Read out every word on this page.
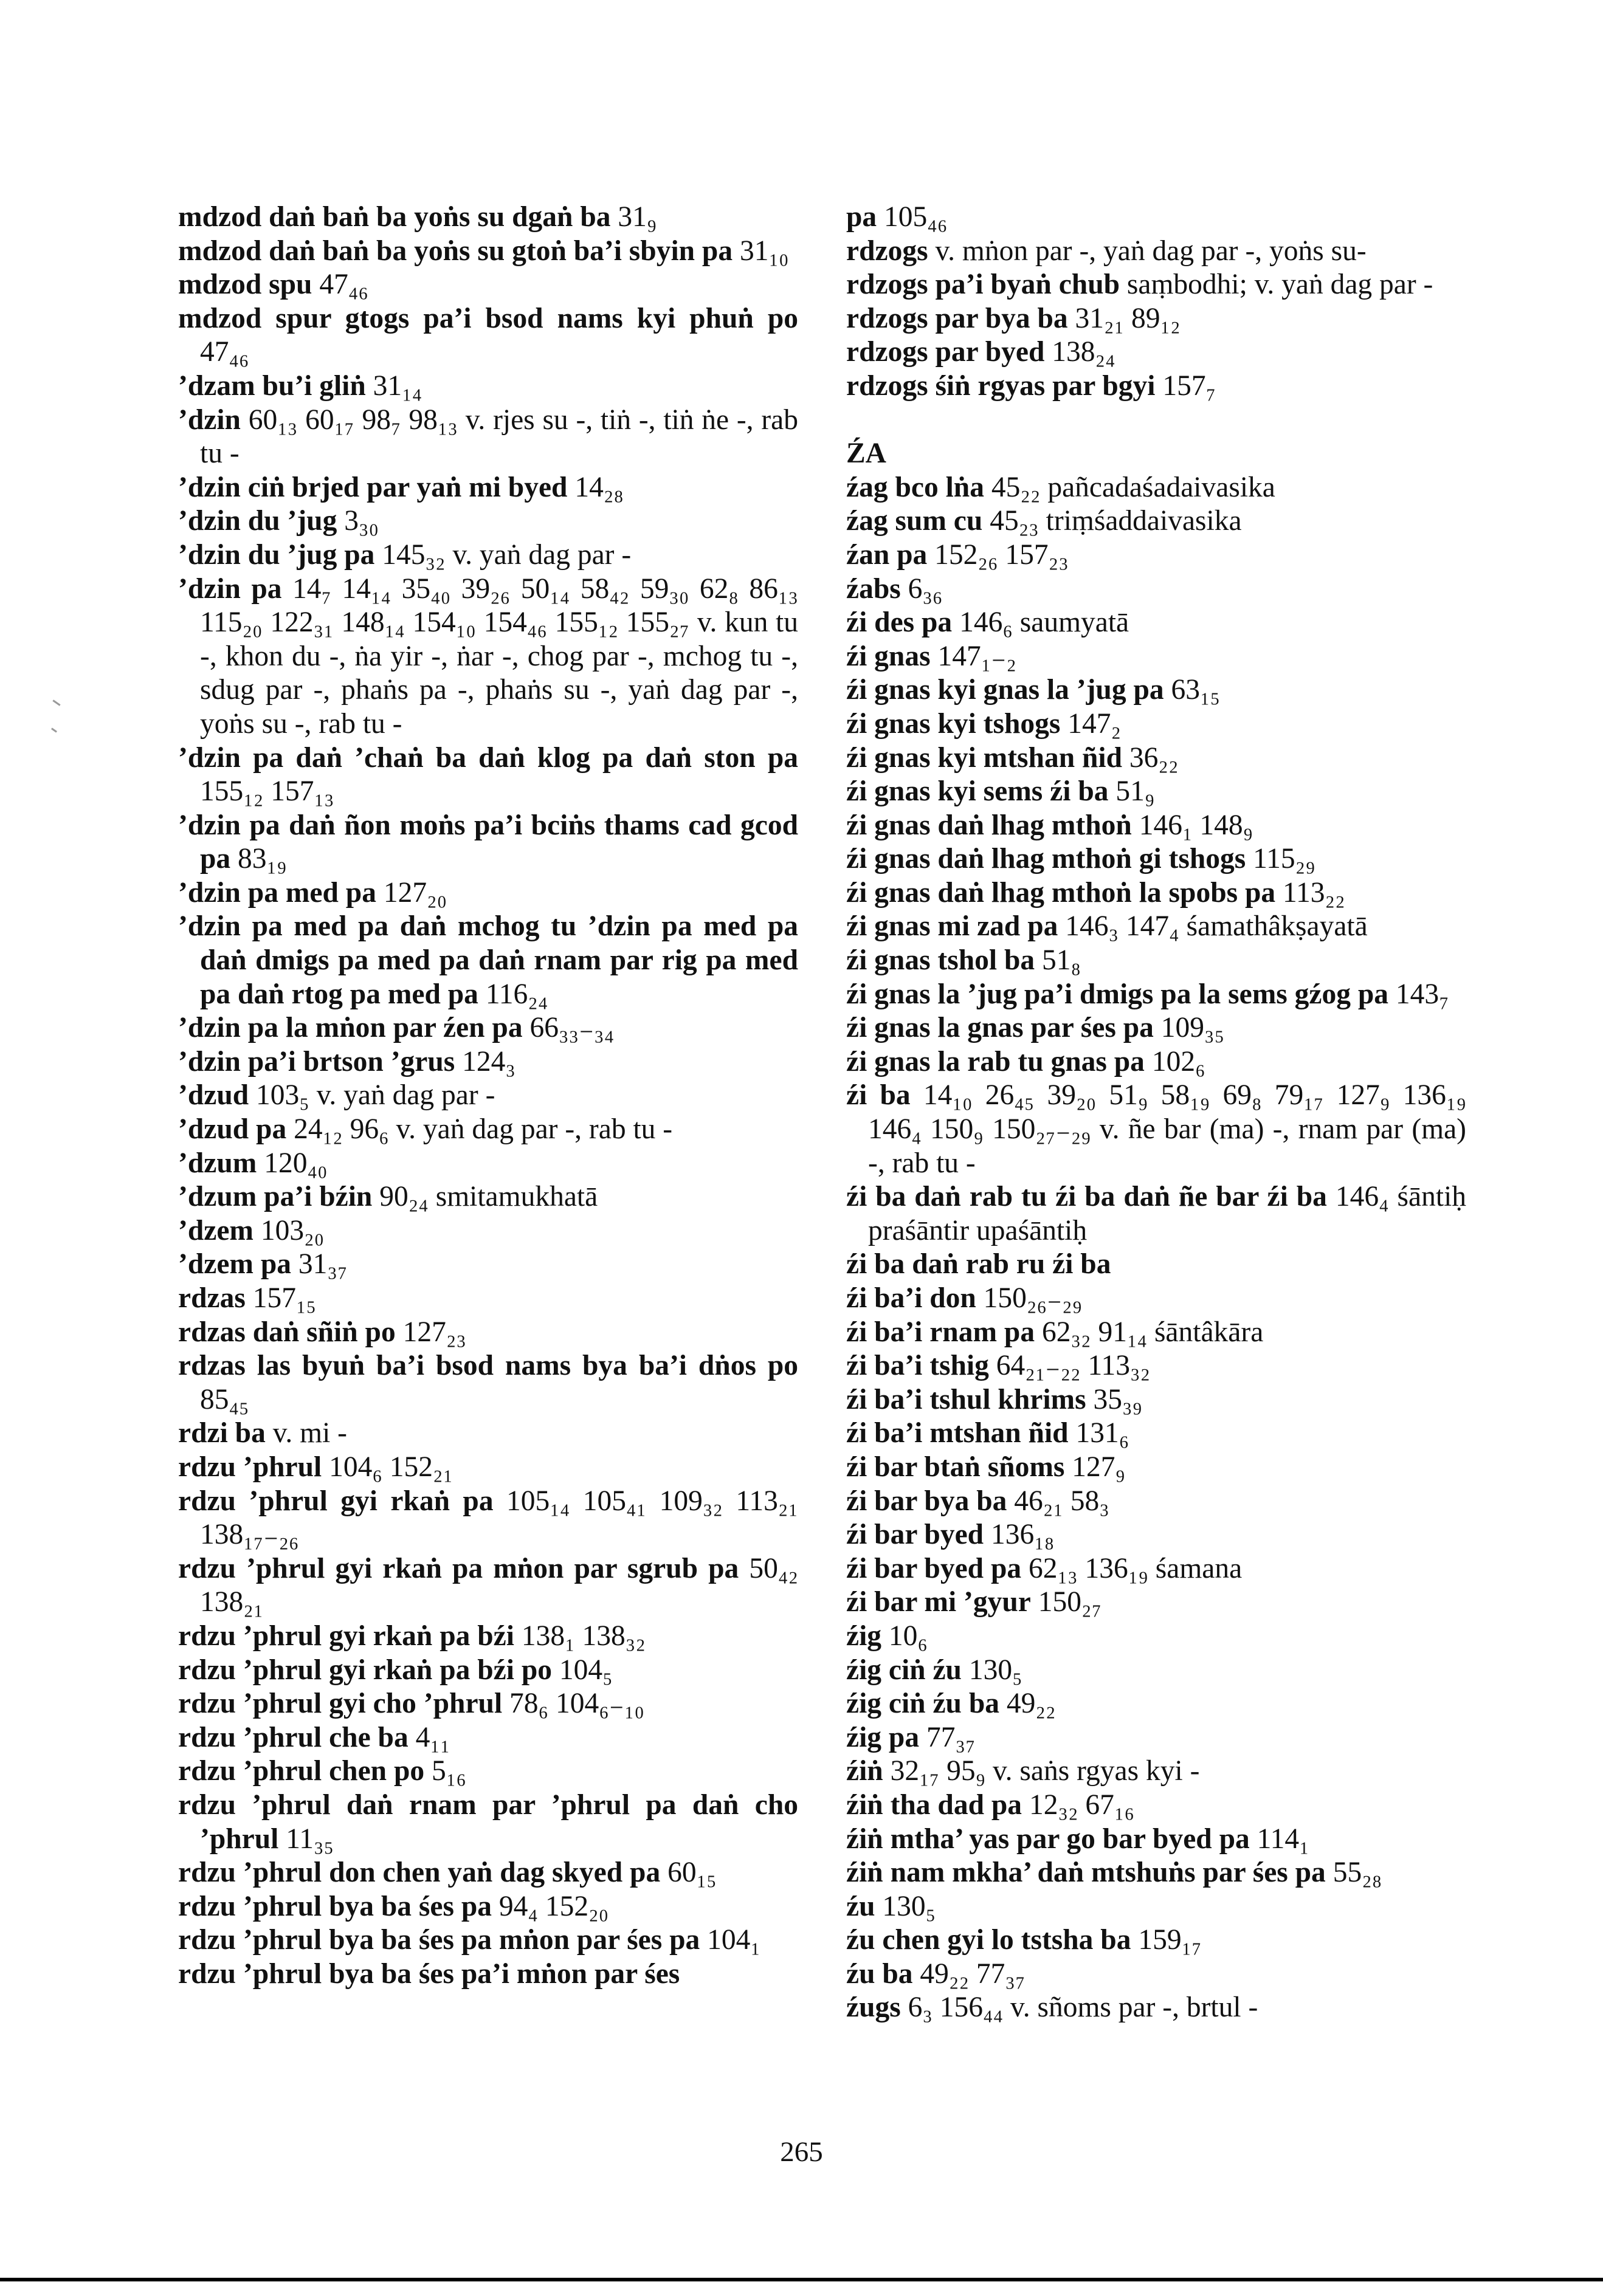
mdzod daṅ baṅ ba yoṅs su dgaṅ ba 31₉
mdzod daṅ baṅ ba yoṅs su gtoṅ ba’i sbyin pa 31₁₀
mdzod spu 47₄₆
mdzod spur gtogs pa’i bsod nams kyi phuṅ po 47₄₆
’dzam bu’i gliṅ 31₁₄
’dzin 60₁₃ 60₁₇ 98₇ 98₁₃ v. rjes su -, tiṅ -, tiṅ ṅe -, rab tu -
’dzin ciṅ brjed par yaṅ mi byed 14₂₈
’dzin du ’jug 3₃₀
’dzin du ’jug pa 145₃₂ v. yaṅ dag par -
’dzin pa 14₇ 14₁₄ 35₄₀ 39₂₆ 50₁₄ 58₄₂ 59₃₀ 62₈ 86₁₃ 115₂₀ 122₃₁ 148₁₄ 154₁₀ 154₄₆ 155₁₂ 155₂₇ v. kun tu -, khon du -, ṅa yir -, ṅar -, chog par -, mchog tu -, sdug par -, phaṅs pa -, phaṅs su -, yaṅ dag par -, yoṅs su -, rab tu -
’dzin pa daṅ ’chaṅ ba daṅ klog pa daṅ ston pa 155₁₂ 157₁₃
’dzin pa daṅ ñon moṅs pa’i bciṅs thams cad gcod pa 83₁₉
’dzin pa med pa 127₂₀
’dzin pa med pa daṅ mchog tu ’dzin pa med pa daṅ dmigs pa med pa daṅ rnam par rig pa med pa daṅ rtog pa med pa 116₂₄
’dzin pa la mṅon par źen pa 66₃₃₋₃₄
’dzin pa’i brtson ’grus 124₃
’dzud 103₅ v. yaṅ dag par -
’dzud pa 24₁₂ 96₆ v. yaṅ dag par -, rab tu -
’dzum 120₄₀
’dzum pa’i bźin 90₂₄ smitamukhatā
’dzem 103₂₀
’dzem pa 31₃₇
rdzas 157₁₅
rdzas daṅ sñiṅ po 127₂₃
rdzas las byuṅ ba’i bsod nams bya ba’i dṅos po 85₄₅
rdzi ba v. mi -
rdzu ’phrul 104₆ 152₂₁
rdzu ’phrul gyi rkaṅ pa 105₁₄ 105₄₁ 109₃₂ 113₂₁ 138₁₇₋₂₆
rdzu ’phrul gyi rkaṅ pa mṅon par sgrub pa 50₄₂ 138₂₁
rdzu ’phrul gyi rkaṅ pa bźi 138₁ 138₃₂
rdzu ’phrul gyi rkaṅ pa bźi po 104₅
rdzu ’phrul gyi cho ’phrul 78₆ 104₆₋₁₀
rdzu ’phrul che ba 4₁₁
rdzu ’phrul chen po 5₁₆
rdzu ’phrul daṅ rnam par ’phrul pa daṅ cho ’phrul 11₃₅
rdzu ’phrul don chen yaṅ dag skyed pa 60₁₅
rdzu ’phrul bya ba śes pa 94₄ 152₂₀
rdzu ’phrul bya ba śes pa mṅon par śes pa 104₁
rdzu ’phrul bya ba śes pa’i mṅon par śes
pa 105₄₆
rdzogs v. mṅon par -, yaṅ dag par -, yoṅs su-
rdzogs pa’i byaṅ chub saṃbodhi; v. yaṅ dag par -
rdzogs par bya ba 31₂₁ 89₁₂
rdzogs par byed 138₂₄
rdzogs śiṅ rgyas par bgyi 157₇
ŹA
źag bco lṅa 45₂₂ pañcadaśadaivasika
źag sum cu 45₂₃ triṃśaddaivasika
źan pa 152₂₆ 157₂₃
źabs 6₃₆
źi des pa 146₆ saumyatā
źi gnas 147₁₋₂
źi gnas kyi gnas la ’jug pa 63₁₅
źi gnas kyi tshogs 147₂
źi gnas kyi mtshan ñid 36₂₂
źi gnas kyi sems źi ba 51₉
źi gnas daṅ lhag mthoṅ 146₁ 148₉
źi gnas daṅ lhag mthoṅ gi tshogs 115₂₉
źi gnas daṅ lhag mthoṅ la spobs pa 113₂₂
źi gnas mi zad pa 146₃ 147₄ śamathâkṣayatā
źi gnas tshol ba 51₈
źi gnas la ’jug pa’i dmigs pa la sems gźog pa 143₇
źi gnas la gnas par śes pa 109₃₅
źi gnas la rab tu gnas pa 102₆
źi ba 14₁₀ 26₄₅ 39₂₀ 51₉ 58₁₉ 69₈ 79₁₇ 127₉ 136₁₉ 146₄ 150₉ 150₂₇₋₂₉ v. ñe bar (ma) -, rnam par (ma) -, rab tu -
źi ba daṅ rab tu źi ba daṅ ñe bar źi ba 146₄ śāntiḥ praśāntir upaśāntiḥ
źi ba daṅ rab ru źi ba
źi ba’i don 150₂₆₋₂₉
źi ba’i rnam pa 62₃₂ 91₁₄ śāntâkāra
źi ba’i tshig 64₂₁₋₂₂ 113₃₂
źi ba’i tshul khrims 35₃₉
źi ba’i mtshan ñid 131₆
źi bar btaṅ sñoms 127₉
źi bar bya ba 46₂₁ 58₃
źi bar byed 136₁₈
źi bar byed pa 62₁₃ 136₁₉ śamana
źi bar mi ’gyur 150₂₇
źig 10₆
źig ciṅ źu 130₅
źig ciṅ źu ba 49₂₂
źig pa 77₃₇
źiṅ 32₁₇ 95₉ v. saṅs rgyas kyi -
źiṅ tha dad pa 12₃₂ 67₁₆
źiṅ mtha’ yas par go bar byed pa 114₁
źiṅ nam mkha’ daṅ mtshuṅs par śes pa 55₂₈
źu 130₅
źu chen gyi lo tstsha ba 159₁₇
źu ba 49₂₂ 77₃₇
źugs 6₃ 156₄₄ v. sñoms par -, brtul -
265
